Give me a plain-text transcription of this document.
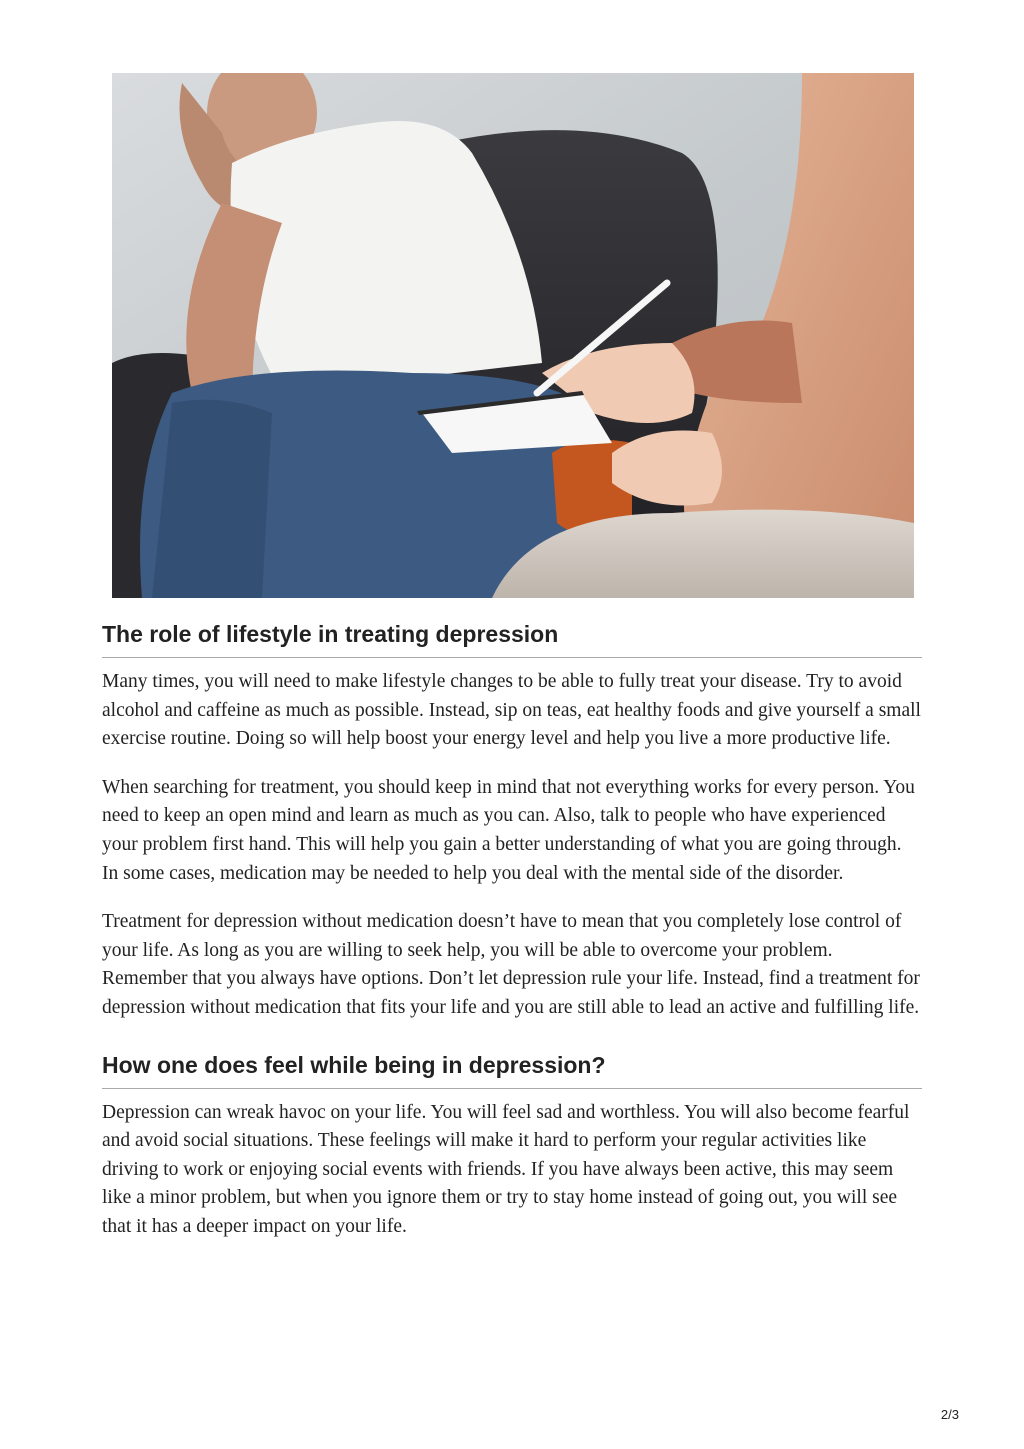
The role of lifestyle in treating depression

Many times, you will need to make lifestyle changes to be able to fully treat your disease. Try to avoid alcohol and caffeine as much as possible. Instead, sip on teas, eat healthy foods and give yourself a small exercise routine. Doing so will help boost your energy level and help you live a more productive life.

When searching for treatment, you should keep in mind that not everything works for every person. You need to keep an open mind and learn as much as you can. Also, talk to people who have experienced your problem first hand. This will help you gain a better understanding of what you are going through. In some cases, medication may be needed to help you deal with the mental side of the disorder.

Treatment for depression without medication doesn’t have to mean that you completely lose control of your life. As long as you are willing to seek help, you will be able to overcome your problem. Remember that you always have options. Don’t let depression rule your life. Instead, find a treatment for depression without medication that fits your life and you are still able to lead an active and fulfilling life.

How one does feel while being in depression?

Depression can wreak havoc on your life. You will feel sad and worthless. You will also become fearful and avoid social situations. These feelings will make it hard to perform your regular activities like driving to work or enjoying social events with friends. If you have always been active, this may seem like a minor problem, but when you ignore them or try to stay home instead of going out, you will see that it has a deeper impact on your life.

2/3
